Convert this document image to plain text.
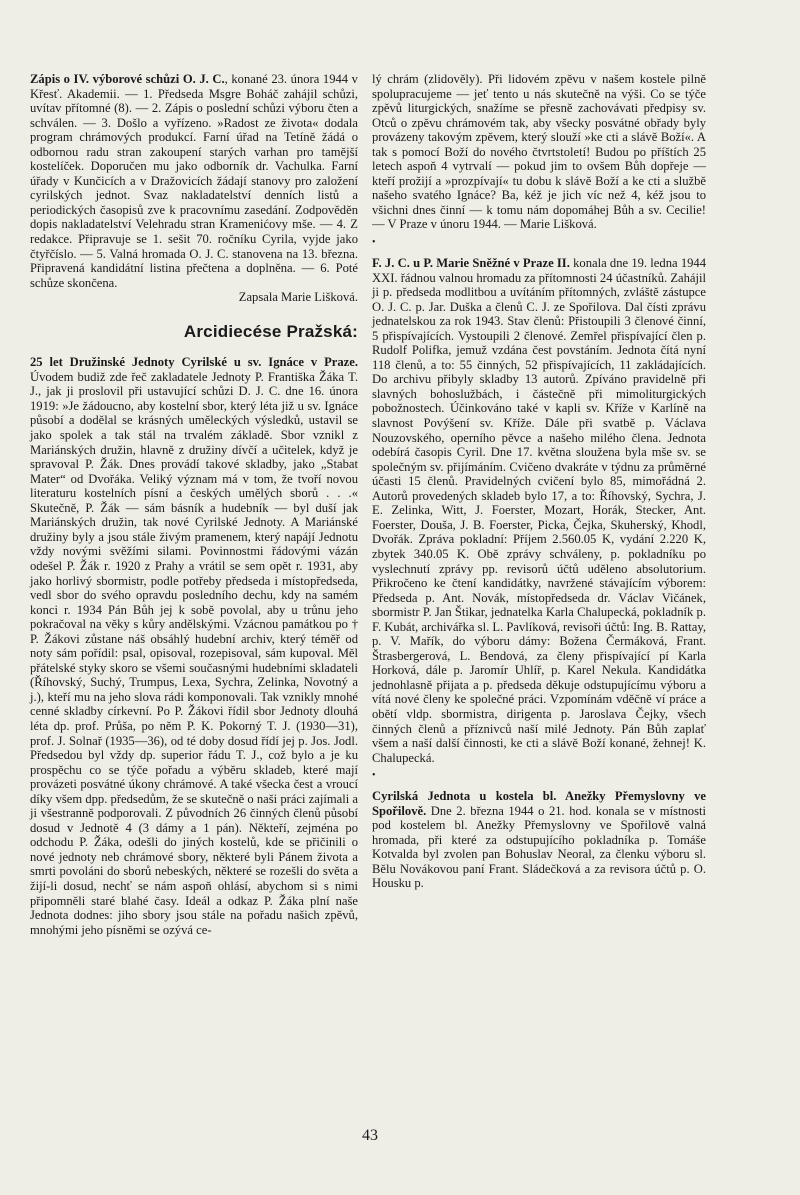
Zápis o IV. výborové schůzi O. J. C., konané 23. února 1944 v Křesť. Akademii. — 1. Předseda Msgre Boháč zahájil schůzi, uvítav přítomné (8). — 2. Zápis o poslední schůzi výboru čten a schválen. — 3. Došlo a vyřízeno. »Radost ze života« dodala program chrámových produkcí. Farní úřad na Tetíně žádá o odbornou radu stran zakoupení starých varhan pro tamější kostelíček. Doporučen mu jako odborník dr. Vachulka. Farní úřady v Kunčicích a v Dražovicích žádají stanovy pro založení cyrilských jednot. Svaz nakladatelství denních listů a periodických časopisů zve k pracovnímu zasedání. Zodpověděn dopis nakladatelství Velehradu stran Kramenićovy mše. — 4. Z redakce. Připravuje se 1. sešit 70. ročníku Cyrila, vyjde jako čtyřčíslo. — 5. Valná hromada O. J. C. stanovena na 13. března. Připravená kandidátní listina přečtena a doplněna. — 6. Poté schůze skončena.

Zapsala Marie Lišková.

Arcidiecése Pražská:

25 let Družinské Jednoty Cyrilské u sv. Ignáce v Praze. Úvodem budiž zde řeč zakladatele Jednoty P. Františka Žáka T. J., jak ji proslovil při ustavující schůzi D. J. C. dne 16. února 1919: »Je žádoucno, aby kostelní sbor, který léta již u sv. Ignáce působí a dodělal se krásných uměleckých výsledků, ustavil se jako spolek a tak stál na trvalém základě. Sbor vznikl z Mariánských družin, hlavně z družiny dívčí a učitelek, když je spravoval P. Žák. Dnes provádí takové skladby, jako „Stabat Mater“ od Dvořáka. Veliký význam má v tom, že tvoří novou literaturu kostelních písní a českých umělých sborů . . .« Skutečně, P. Žák — sám básník a hudebník — byl duší jak Mariánských družin, tak nové Cyrilské Jednoty. A Mariánské družiny byly a jsou stále živým pramenem, který napájí Jednotu vždy novými svěžími silami. Povinnostmi řádovými vázán odešel P. Žák r. 1920 z Prahy a vrátil se sem opět r. 1931, aby jako horlivý sbormistr, podle potřeby předseda i místopředseda, vedl sbor do svého opravdu posledního dechu, kdy na samém konci r. 1934 Pán Bůh jej k sobě povolal, aby u trůnu jeho pokračoval na věky s kůry andělskými. Vzácnou památkou po † P. Žákovi zůstane náš obsáhlý hudební archiv, který téměř od noty sám pořídil: psal, opisoval, rozepisoval, sám kupoval. Měl přátelské styky skoro se všemi současnými hudebními skladateli (Říhovský, Suchý, Trumpus, Lexa, Sychra, Zelinka, Novotný a j.), kteří mu na jeho slova rádi komponovali. Tak vznikly mnohé cenné skladby církevní. Po P. Žákovi řídil sbor Jednoty dlouhá léta dp. prof. Průša, po něm P. K. Pokorný T. J. (1930—31), prof. J. Solnař (1935—36), od té doby dosud řídí jej p. Jos. Jodl. Předsedou byl vždy dp. superior řádu T. J., což bylo a je ku prospěchu co se týče pořadu a výběru skladeb, které mají provázeti posvátné úkony chrámové. A také všecka čest a vroucí díky všem dpp. předsedům, že se skutečně o naši práci zajímali a ji všestranně podporovali. Z původních 26 činných členů působí dosud v Jednotě 4 (3 dámy a 1 pán). Někteří, zejména po odchodu P. Žáka, odešli do jiných kostelů, kde se přičinili o nové jednoty neb chrámové sbory, některé byli Pánem života a smrti povoláni do sborů nebeských, některé se rozešli do světa a žijí-li dosud, nechť se nám aspoň ohlásí, abychom si s nimi připomněli staré blahé časy. Ideál a odkaz P. Žáka plní naše Jednota dodnes: jiho sbory jsou stále na pořadu našich zpěvů, mnohými jeho písněmi se ozývá ce-

lý chrám (zlidověly). Při lidovém zpěvu v našem kostele pilně spolupracujeme — jeť tento u nás skutečně na výši. Co se týče zpěvů liturgických, snažíme se přesně zachovávati předpisy sv. Otců o zpěvu chrámovém tak, aby všecky posvátné obřady byly provázeny takovým zpěvem, který slouží »ke cti a slávě Boží«. A tak s pomocí Boží do nového čtvrtstoletí! Budou po příštích 25 letech aspoň 4 vytrvalí — pokud jim to ovšem Bůh dopřeje — kteří prožijí a »prozpívají« tu dobu k slávě Boží a ke cti a službě našeho svatého Ignáce? Ba, kéž je jich víc než 4, kéž jsou to všichni dnes činní — k tomu nám dopomáhej Bůh a sv. Cecilie! — V Praze v únoru 1944. — Marie Lišková.

•

F. J. C. u P. Marie Sněžné v Praze II. konala dne 19. ledna 1944 XXI. řádnou valnou hromadu za přítomnosti 24 účastníků. Zahájil ji p. předseda modlitbou a uvítáním přítomných, zvláště zástupce O. J. C. p. Jar. Duška a členů C. J. ze Spořilova. Dal čísti zprávu jednatelskou za rok 1943. Stav členů: Přistoupili 3 členové činní, 5 přispívajících. Vystoupili 2 členové. Zemřel přispívající člen p. Rudolf Polifka, jemuž vzdána čest povstáním. Jednota čítá nyní 118 členů, a to: 55 činných, 52 přispívajících, 11 zakládajících. Do archivu přibyly skladby 13 autorů. Zpíváno pravidelně při slavných bohoslužbách, i částečně při mimoliturgických pobožnostech. Účinkováno také v kapli sv. Kříže v Karlíně na slavnost Povýšení sv. Kříže. Dále při svatbě p. Václava Nouzovského, operního pěvce a našeho milého člena. Jednota odebírá časopis Cyril. Dne 17. května sloužena byla mše sv. se společným sv. přijímáním. Cvičeno dvakráte v týdnu za průměrné účasti 15 členů. Pravidelných cvičení bylo 85, mimořádná 2. Autorů provedených skladeb bylo 17, a to: Říhovský, Sychra, J. E. Zelinka, Witt, J. Foerster, Mozart, Horák, Stecker, Ant. Foerster, Douša, J. B. Foerster, Picka, Čejka, Skuherský, Khodl, Dvořák. Zpráva pokladní: Příjem 2.560.05 K, vydání 2.220 K, zbytek 340.05 K. Obě zprávy schváleny, p. pokladníku po vyslechnutí zprávy pp. revisorů účtů uděleno absolutorium. Přikročeno ke čtení kandidátky, navržené stávajícím výborem: Předseda p. Ant. Novák, místopředseda dr. Václav Vičánek, sbormistr P. Jan Štikar, jednatelka Karla Chalupecká, pokladník p. F. Kubát, archivářka sl. L. Pavlíková, revisoři účtů: Ing. B. Rattay, p. V. Mařík, do výboru dámy: Božena Čermáková, Frant. Štrasbergerová, L. Bendová, za členy přispívající pí Karla Horková, dále p. Jaromír Uhlíř, p. Karel Nekula. Kandidátka jednohlasně přijata a p. předseda děkuje odstupujícímu výboru a vítá nové členy ke společné práci. Vzpomínám vděčně ví práce a obětí vldp. sbormistra, dirigenta p. Jaroslava Čejky, všech činných členů a příznivců naší milé Jednoty. Pán Bůh zaplať všem a naší další činnosti, ke cti a slávě Boží konané, žehnej! K. Chalupecká.

•

Cyrilská Jednota u kostela bl. Anežky Přemyslovny ve Spořilově. Dne 2. března 1944 o 21. hod. konala se v místnosti pod kostelem bl. Anežky Přemyslovny ve Spořilově valná hromada, při které za odstupujícího pokladníka p. Tomáše Kotvalda byl zvolen pan Bohuslav Neoral, za členku výboru sl. Bělu Novákovou paní Frant. Sládečková a za revisora účtů p. O. Housku p.

43
